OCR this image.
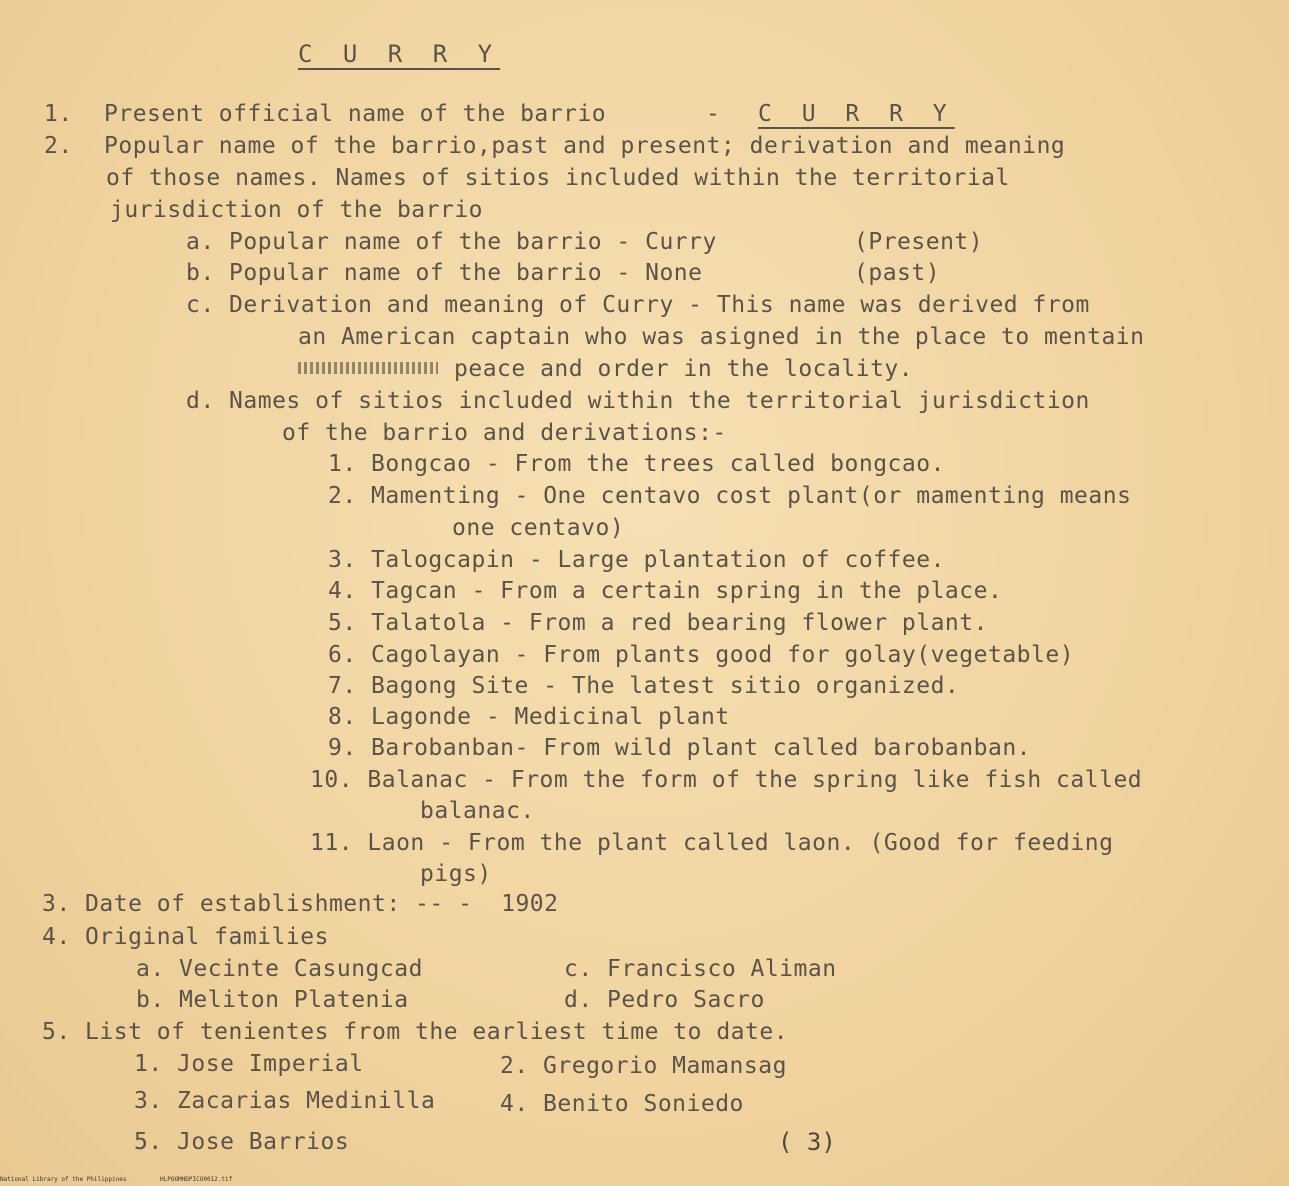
C U R R Y
1. Present official name of the barrio	- C U R R Y
2. Popular name of the barrio,past and present; derivation and meaning
of those names. Names of sitios included within the territorial
jurisdiction of the barrio
a. Popular name of the barrio - Curry	(Present)
b. Popular name of the barrio - None	(past)
c. Derivation and meaning of Curry - This name was derived from
an American captain who was asigned in the place to mentain
peace and order in the locality.
d. Names of sitios included within the territorial jurisdiction
of the barrio and derivations:-
1. Bongcao - From the trees called bongcao.
2. Mamenting - One centavo cost plant(or mamenting means
one centavo)
3. Talogcapin - Large plantation of coffee.
4. Tagcan - From a certain spring in the place.
5. Talatola - From a red bearing flower plant.
6. Cagolayan - From plants good for golay(vegetable)
7. Bagong Site - The latest sitio organized.
8. Lagonde - Medicinal plant
9. Barobanban- From wild plant called barobanban.
10. Balanac - From the form of the spring like fish called
balanac.
11. Laon - From the plant called laon. (Good for feeding
pigs)
3. Date of establishment: -- -  1902
4. Original families
a. Vecinte Casungcad	c. Francisco Aliman
b. Meliton Platenia	d. Pedro Sacro
5. List of tenientes from the earliest time to date.
1. Jose Imperial	2. Gregorio Mamansag
3. Zacarias Medinilla	4. Benito Soniedo
5. Jose Barrios	( 3)
National Library of the Philippines	HLPOOMHDPICO0012.tif
